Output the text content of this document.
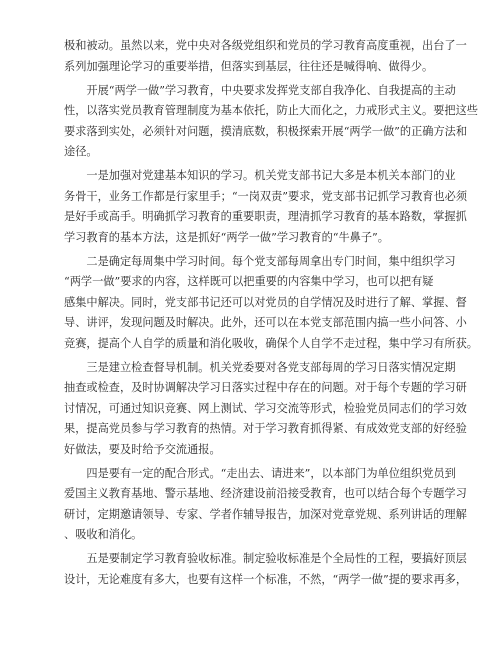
极和被动。虽然以来，党中央对各级党组织和党员的学习教育高度重视，出台了一
系列加强理论学习的重要举措，但落实到基层，往往还是喊得响、做得少。
　　开展“两学一做”学习教育，中央要求发挥党支部自我净化、自我提高的主动
性，以落实党员教育管理制度为基本依托，防止大而化之，力戒形式主义。要把这些
要求落到实处，必须针对问题，摸清底数，积极探索开展“两学一做”的正确方法和
途径。
　　一是加强对党建基本知识的学习。机关党支部书记大多是本机关本部门的业
务骨干，业务工作都是行家里手；“一岗双责”要求，党支部书记抓学习教育也必须
是好手或高手。明确抓学习教育的重要职责，理清抓学习教育的基本路数，掌握抓
学习教育的基本方法，这是抓好“两学一做”学习教育的“牛鼻子”。
　　二是确定每周集中学习时间。每个党支部每周拿出专门时间，集中组织学习
“两学一做”要求的内容，这样既可以把重要的内容集中学习，也可以把有疑
感集中解决。同时，党支部书记还可以对党员的自学情况及时进行了解、掌握、督
导、讲评，发现问题及时解决。此外，还可以在本党支部范围内搞一些小问答、小
竞赛，提高个人自学的质量和消化吸收，确保个人自学不走过程，集中学习有所获。
　　三是建立检查督导机制。机关党委要对各党支部每周的学习日落实情况定期
抽查或检查，及时协调解决学习日落实过程中存在的问题。对于每个专题的学习研
讨情况，可通过知识竞赛、网上测试、学习交流等形式，检验党员同志们的学习效
果，提高党员参与学习教育的热情。对于学习教育抓得紧、有成效党支部的好经验
好做法，要及时给予交流通报。
　　四是要有一定的配合形式。“走出去、请进来”，以本部门为单位组织党员到
爱国主义教育基地、警示基地、经济建设前沿接受教育，也可以结合每个专题学习
研讨，定期邀请领导、专家、学者作辅导报告，加深对党章党规、系列讲话的理解
、吸收和消化。
　　五是要制定学习教育验收标准。制定验收标准是个全局性的工程，要搞好顶层
设计，无论难度有多大，也要有这样一个标准，不然，“两学一做”提的要求再多，
